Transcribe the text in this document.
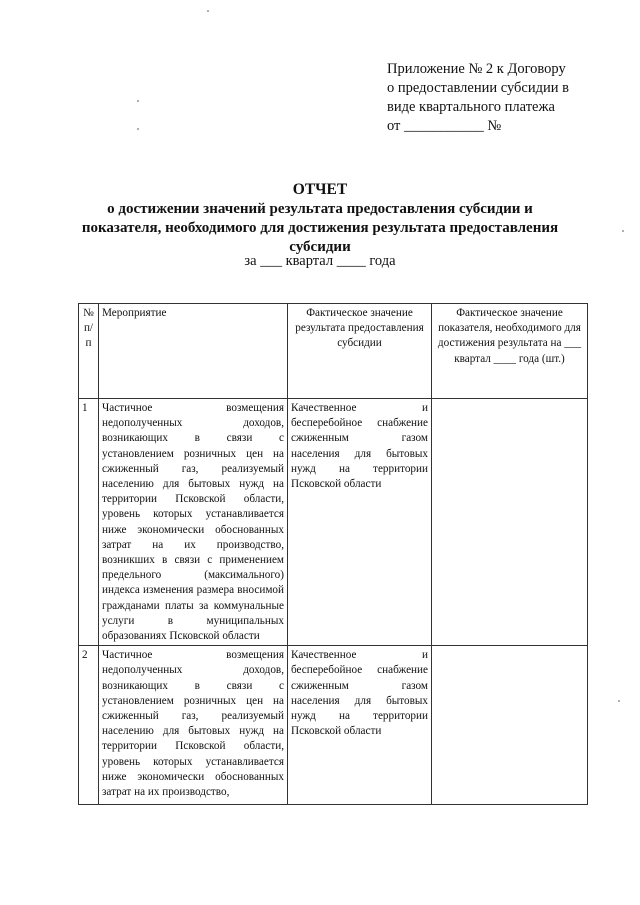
Приложение № 2 к Договору
о предоставлении субсидии в
виде квартального платежа
от ___________ №
ОТЧЕТ
о достижении значений результата предоставления субсидии и
показателя, необходимого для достижения результата предоставления
субсидии
за ___ квартал ____ года
№ п/п	Мероприятие	Фактическое значение результата предоставления субсидии	Фактическое значение показателя, необходимого для достижения результата на ___ квартал ____ года (шт.)
1	Частичное возмещения недополученных доходов, возникающих в связи с установлением розничных цен на сжиженный газ, реализуемый населению для бытовых нужд на территории Псковской области, уровень которых устанавливается ниже экономически обоснованных затрат на их производство, возникших в связи с применением предельного (максимального) индекса изменения размера вносимой гражданами платы за коммунальные услуги в муниципальных образованиях Псковской области	Качественное и бесперебойное снабжение сжиженным газом населения для бытовых нужд на территории Псковской области	
2	Частичное возмещения недополученных доходов, возникающих в связи с установлением розничных цен на сжиженный газ, реализуемый населению для бытовых нужд на территории Псковской области, уровень которых устанавливается ниже экономически обоснованных затрат на их производство,	Качественное и бесперебойное снабжение сжиженным газом населения для бытовых нужд на территории Псковской области	
